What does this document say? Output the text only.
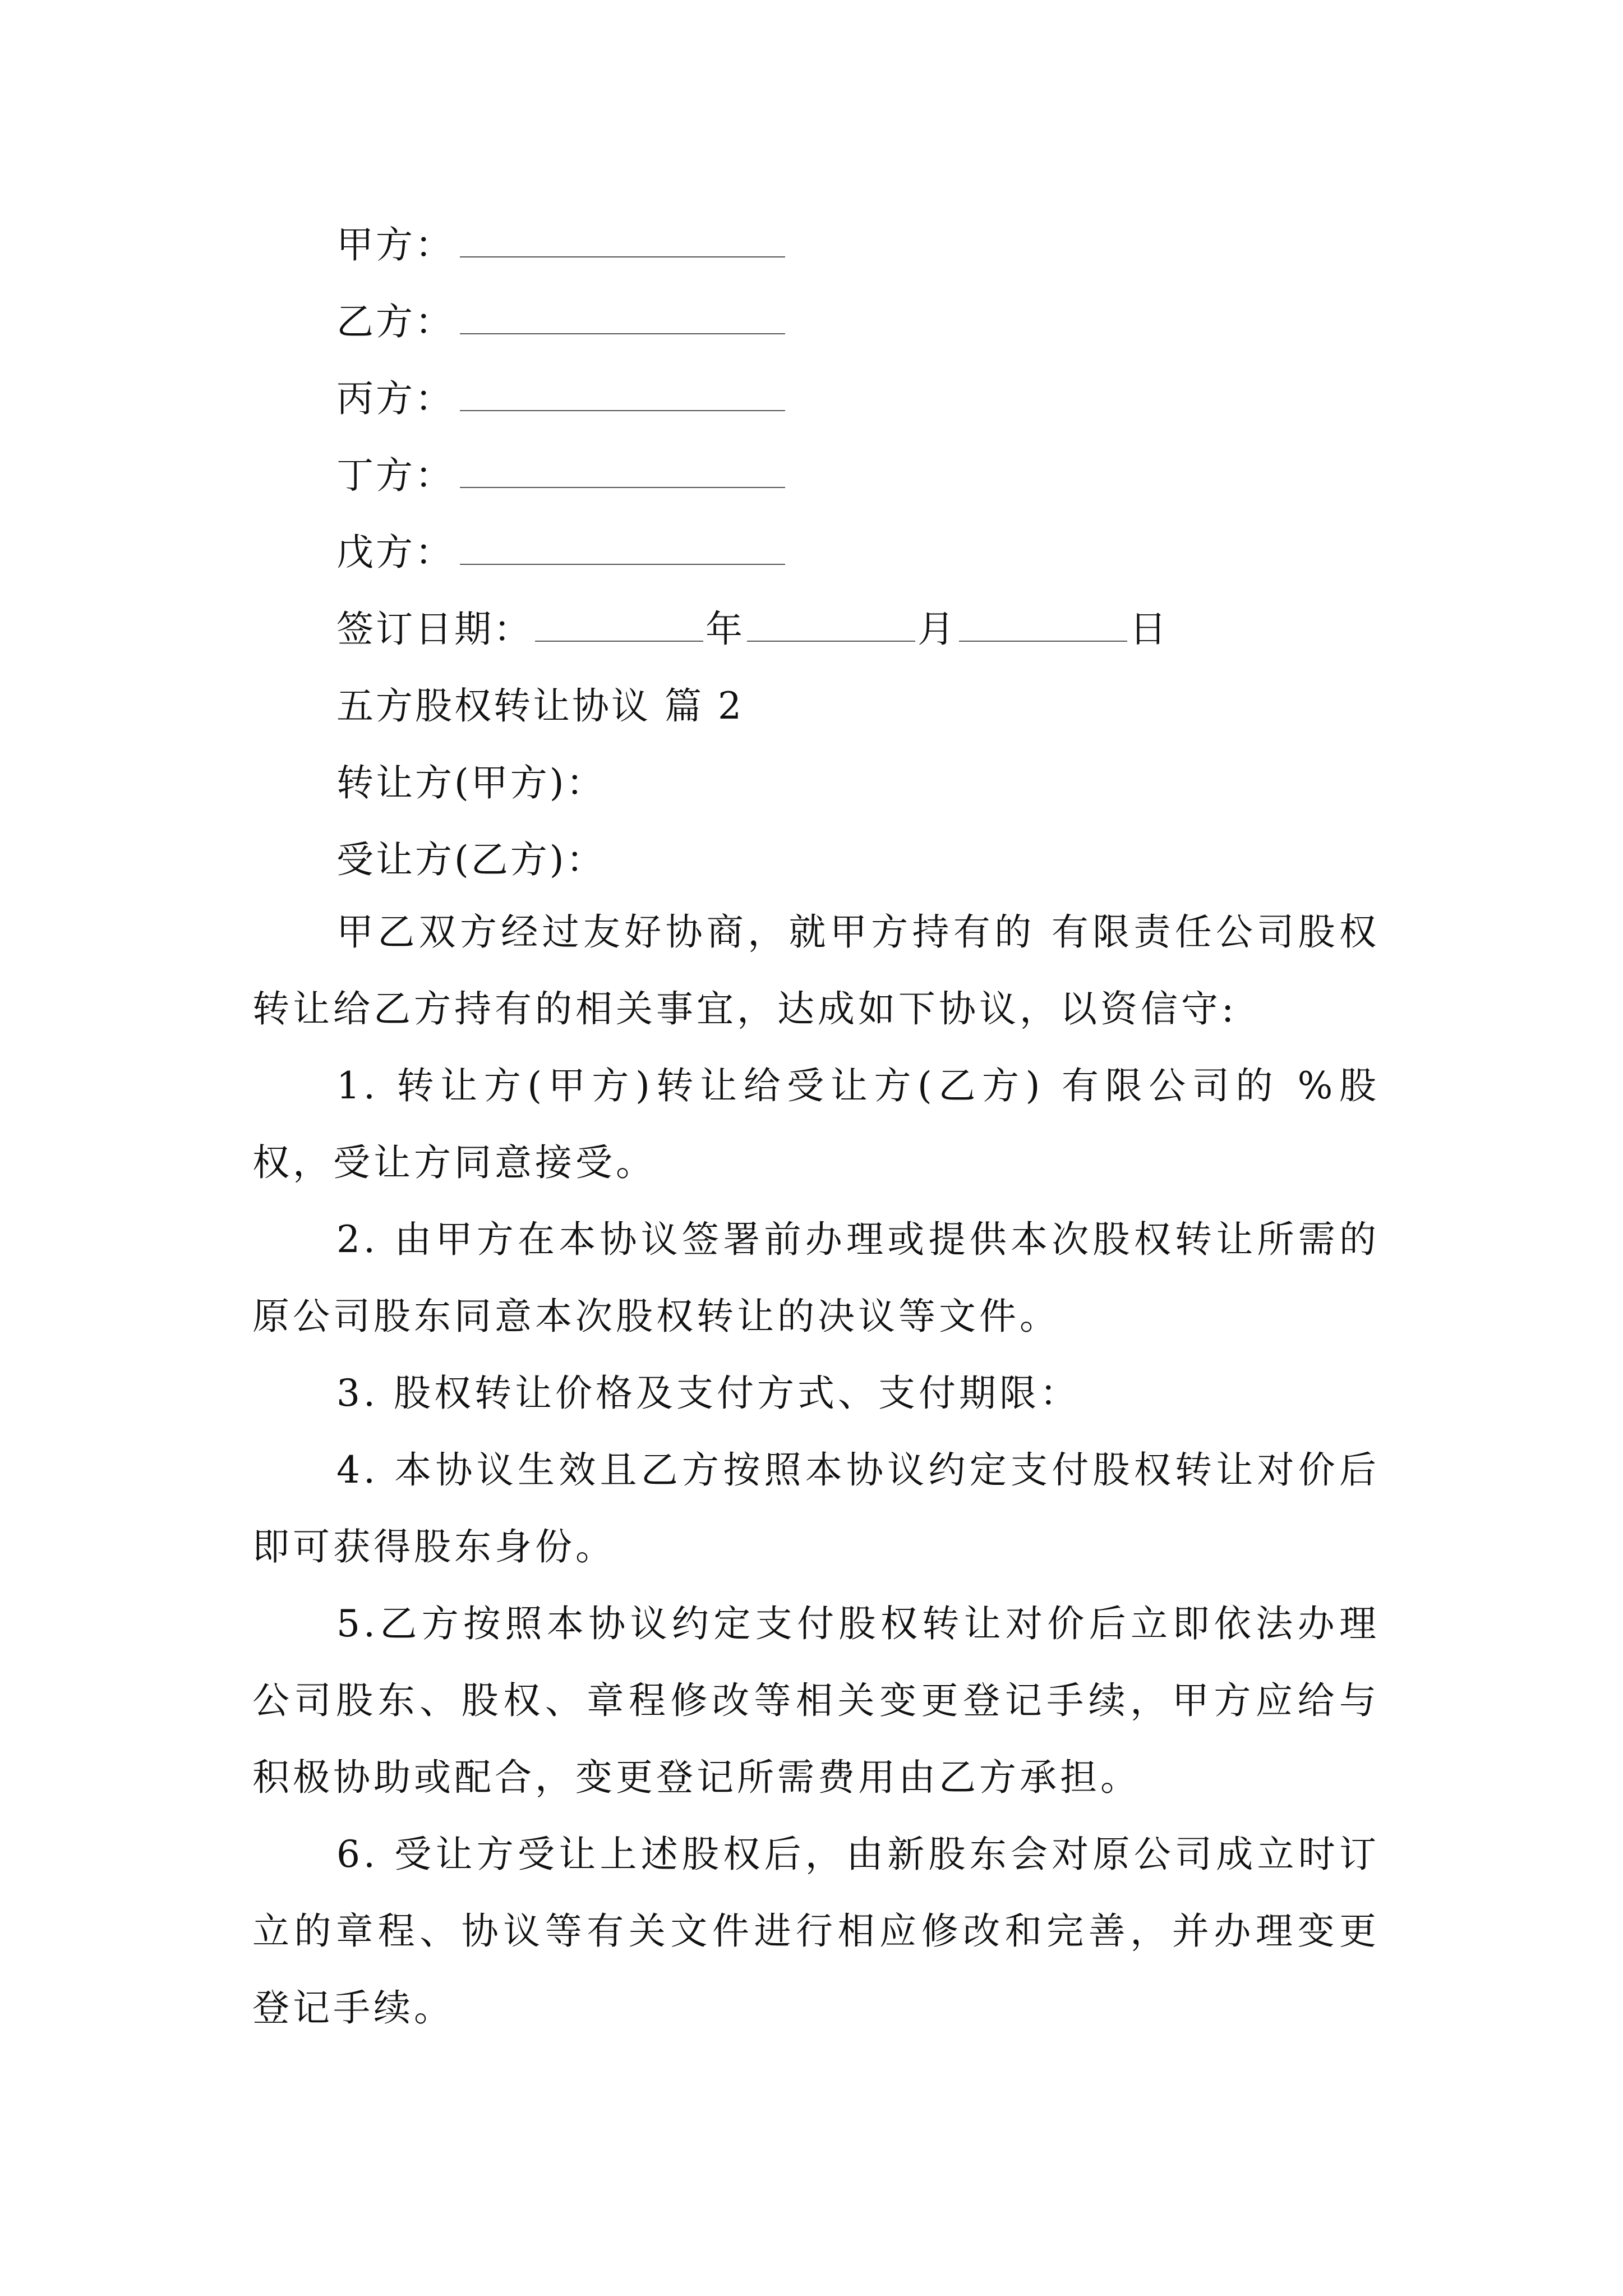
甲方：
乙方：
丙方：
丁方：
戊方：
签订日期：	年	月	日
五方股权转让协议 篇 2
转让方(甲方)：
受让方(乙方)：

甲乙双方经过友好协商，就甲方持有的 有限责任公司股权转让给乙方持有的相关事宜，达成如下协议，以资信守:

1. 转让方(甲方)转让给受让方(乙方) 有限公司的 %股权，受让方同意接受。

2. 由甲方在本协议签署前办理或提供本次股权转让所需的原公司股东同意本次股权转让的决议等文件。

3. 股权转让价格及支付方式、支付期限：

4. 本协议生效且乙方按照本协议约定支付股权转让对价后即可获得股东身份。

5.乙方按照本协议约定支付股权转让对价后立即依法办理公司股东、股权、章程修改等相关变更登记手续，甲方应给与积极协助或配合，变更登记所需费用由乙方承担。

6. 受让方受让上述股权后，由新股东会对原公司成立时订立的章程、协议等有关文件进行相应修改和完善，并办理变更登记手续。
